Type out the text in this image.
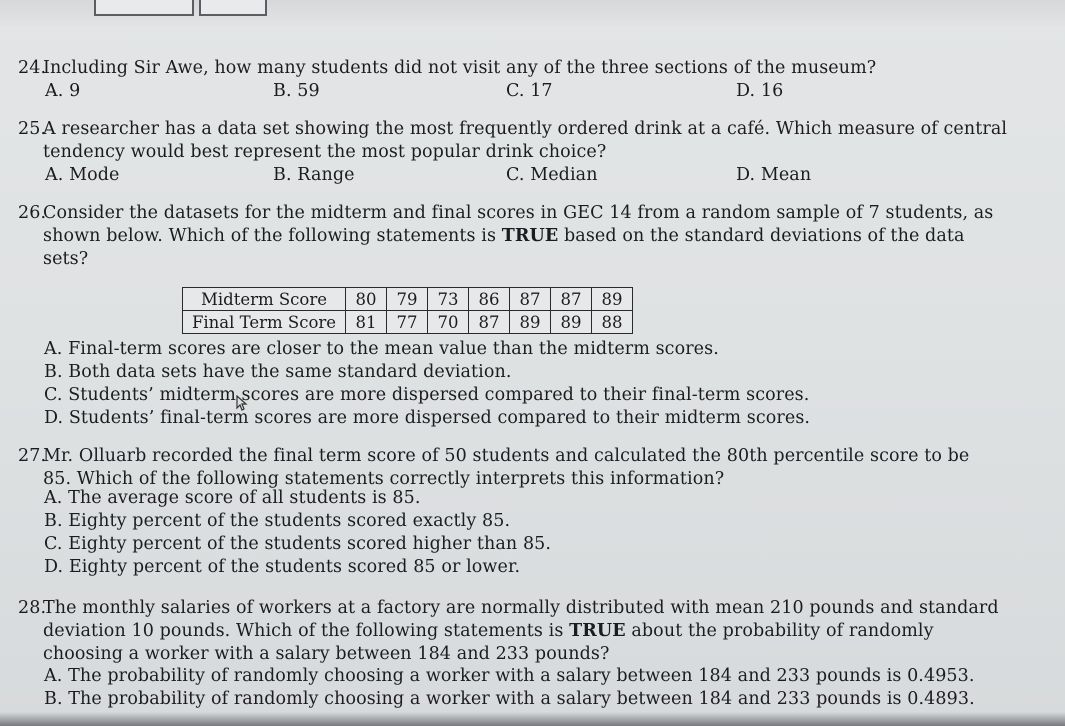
24.Including Sir Awe, how many students did not visit any of the three sections of the museum?

A. 9	B. 59	C. 17	D. 16

25.A researcher has a data set showing the most frequently ordered drink at a café. Which measure of central

tendency would best represent the most popular drink choice?

A. Mode	B. Range	C. Median	D. Mean

26.Consider the datasets for the midterm and final scores in GEC 14 from a random sample of 7 students, as

shown below. Which of the following statements is TRUE based on the standard deviations of the data

sets?

Midterm Score	80	79	73	86	87	87	89
Final Term Score	81	77	70	87	89	89	88
A. Final-term scores are closer to the mean value than the midterm scores.
B. Both data sets have the same standard deviation.
C. Students’ midterm scores are more dispersed compared to their final-term scores.
D. Students’ final-term scores are more dispersed compared to their midterm scores.

27.Mr. Olluarb recorded the final term score of 50 students and calculated the 80th percentile score to be

85. Which of the following statements correctly interprets this information?

A. The average score of all students is 85.
B. Eighty percent of the students scored exactly 85.
C. Eighty percent of the students scored higher than 85.
D. Eighty percent of the students scored 85 or lower.

28.The monthly salaries of workers at a factory are normally distributed with mean 210 pounds and standard

deviation 10 pounds. Which of the following statements is TRUE about the probability of randomly

choosing a worker with a salary between 184 and 233 pounds?

A. The probability of randomly choosing a worker with a salary between 184 and 233 pounds is 0.4953.
B. The probability of randomly choosing a worker with a salary between 184 and 233 pounds is 0.4893.
